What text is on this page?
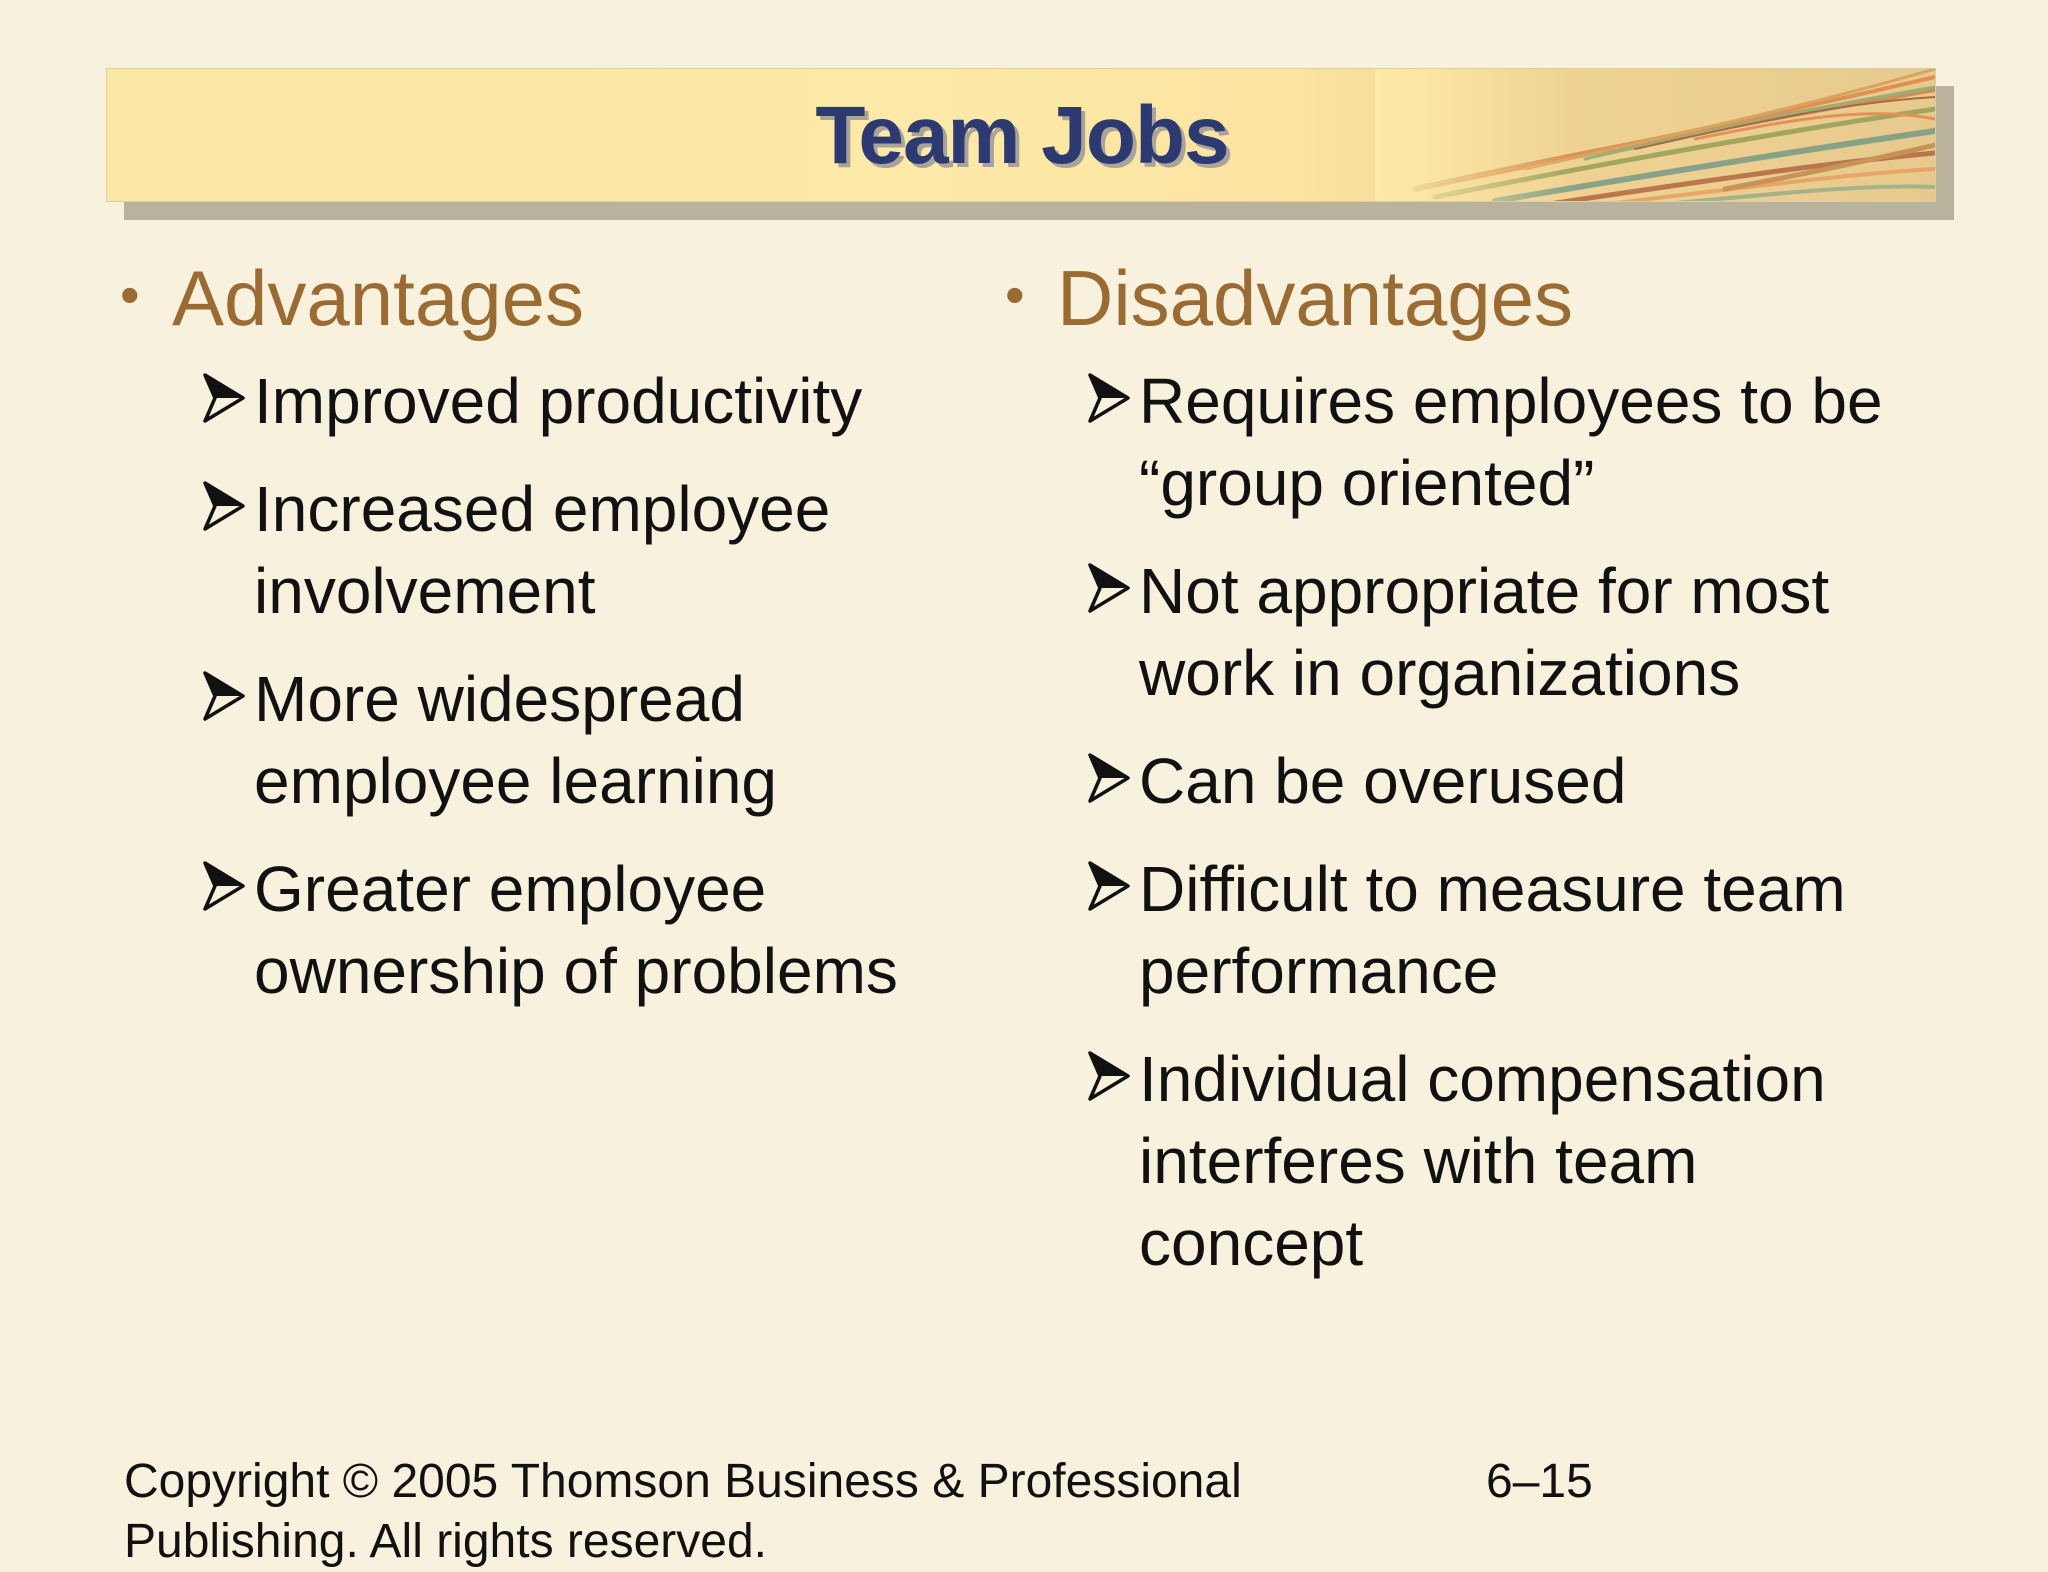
Team Jobs
• Advantages
Improved productivity
Increased employee involvement
More widespread employee learning
Greater employee ownership of problems
• Disadvantages
Requires employees to be “group oriented”
Not appropriate for most work in organizations
Can be overused
Difficult to measure team performance
Individual compensation interferes with team concept
Copyright © 2005 Thomson Business & Professional Publishing. All rights reserved.
6–15
